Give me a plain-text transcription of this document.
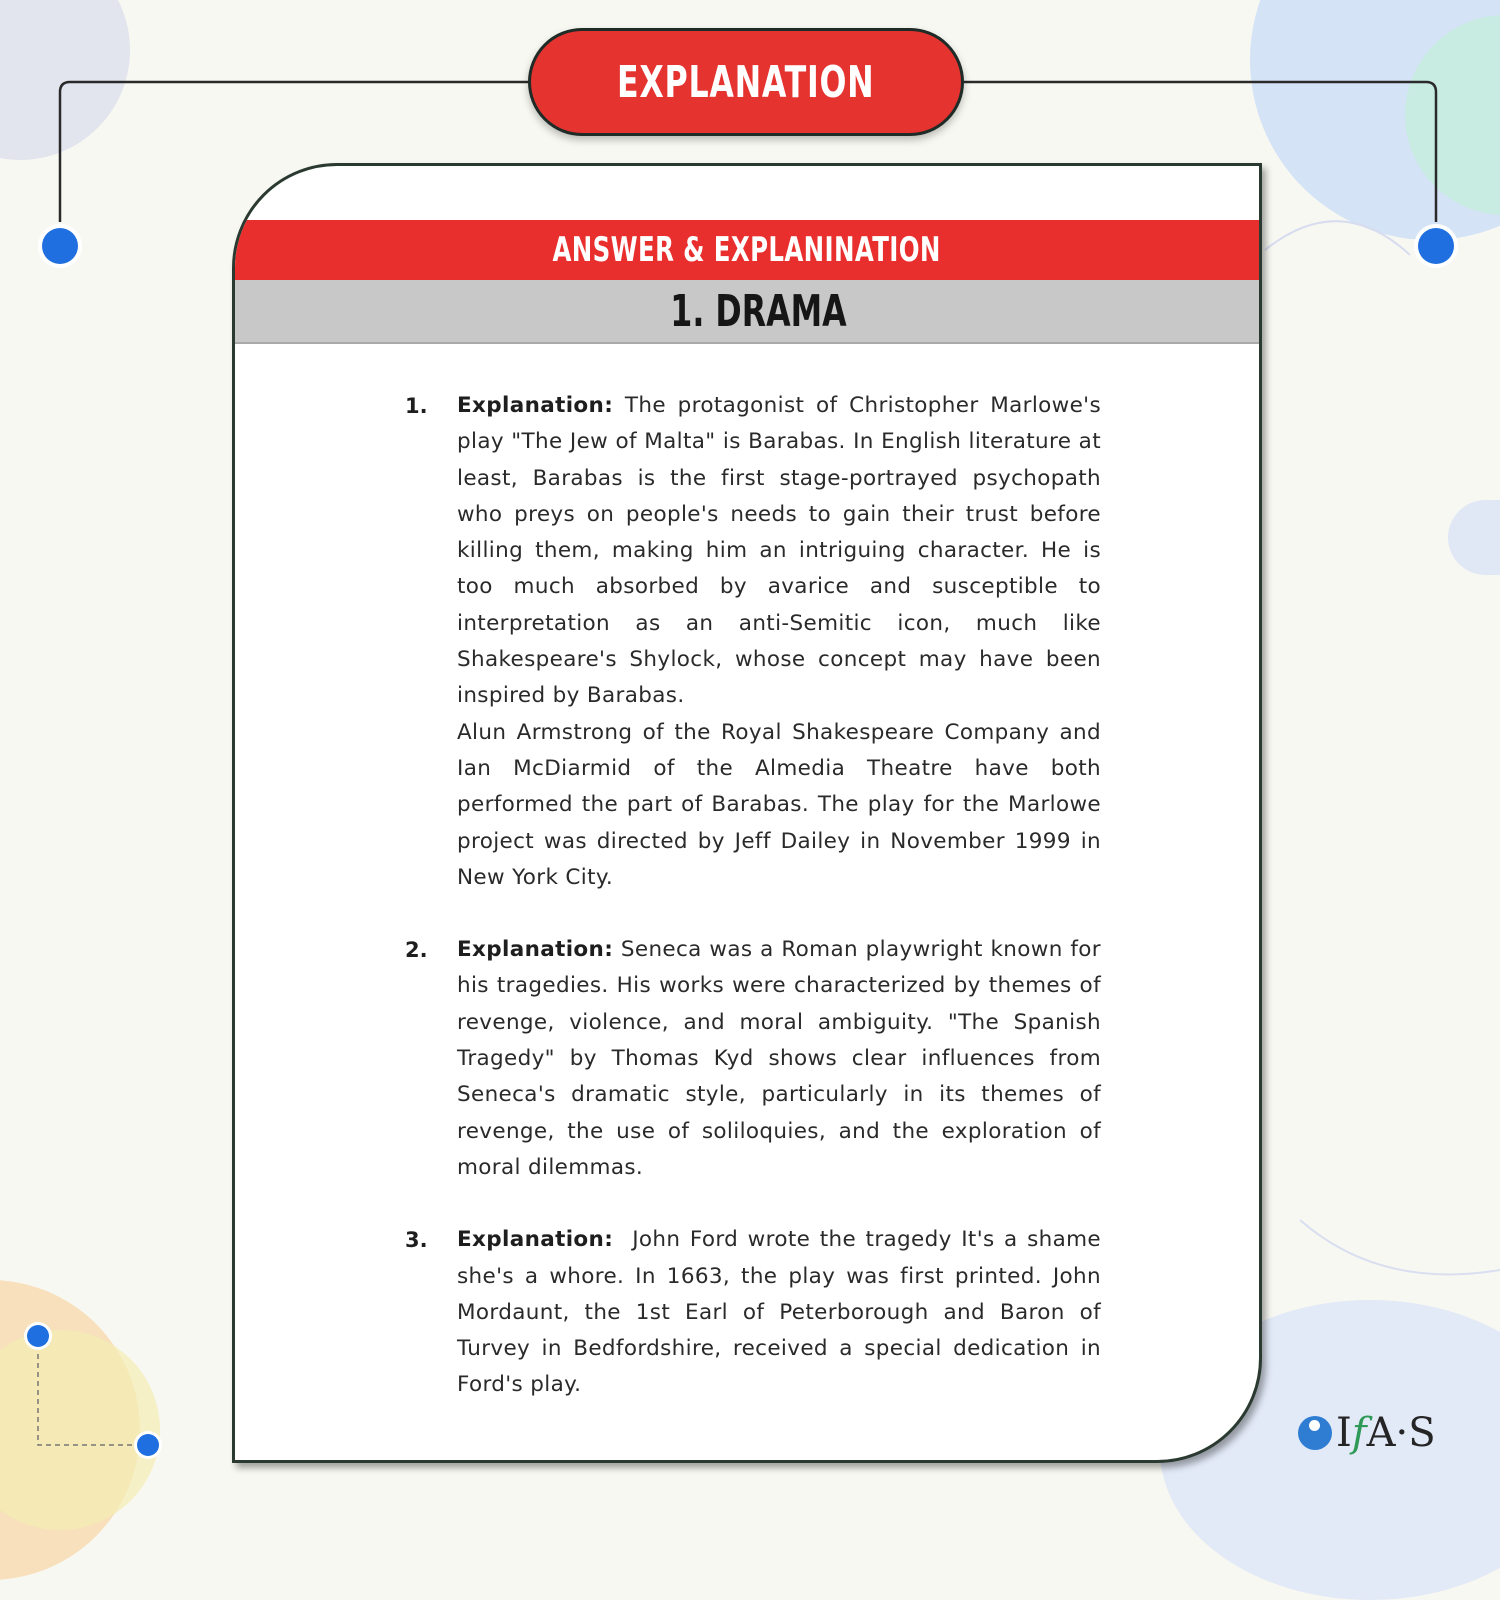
EXPLANATION
ANSWER & EXPLANINATION
1. DRAMA
1.	Explanation: The protagonist of Christopher Marlowe's play "The Jew of Malta" is Barabas. In English literature at least, Barabas is the first stage-portrayed psychopath who preys on people's needs to gain their trust before killing them, making him an intriguing character. He is too much absorbed by avarice and susceptible to interpretation as an anti-Semitic icon, much like Shakespeare's Shylock, whose concept may have been inspired by Barabas.
Alun Armstrong of the Royal Shakespeare Company and Ian McDiarmid of the Almedia Theatre have both performed the part of Barabas. The play for the Marlowe project was directed by Jeff Dailey in November 1999 in New York City.
2.	Explanation: Seneca was a Roman playwright known for his tragedies. His works were characterized by themes of revenge, violence, and moral ambiguity. "The Spanish Tragedy" by Thomas Kyd shows clear influences from Seneca's dramatic style, particularly in its themes of revenge, the use of soliloquies, and the exploration of moral dilemmas.
3.	Explanation:  John Ford wrote the tragedy It's a shame she's a whore. In 1663, the play was first printed. John Mordaunt, the 1st Earl of Peterborough and Baron of Turvey in Bedfordshire, received a special dedication in Ford's play.
I f A·S
